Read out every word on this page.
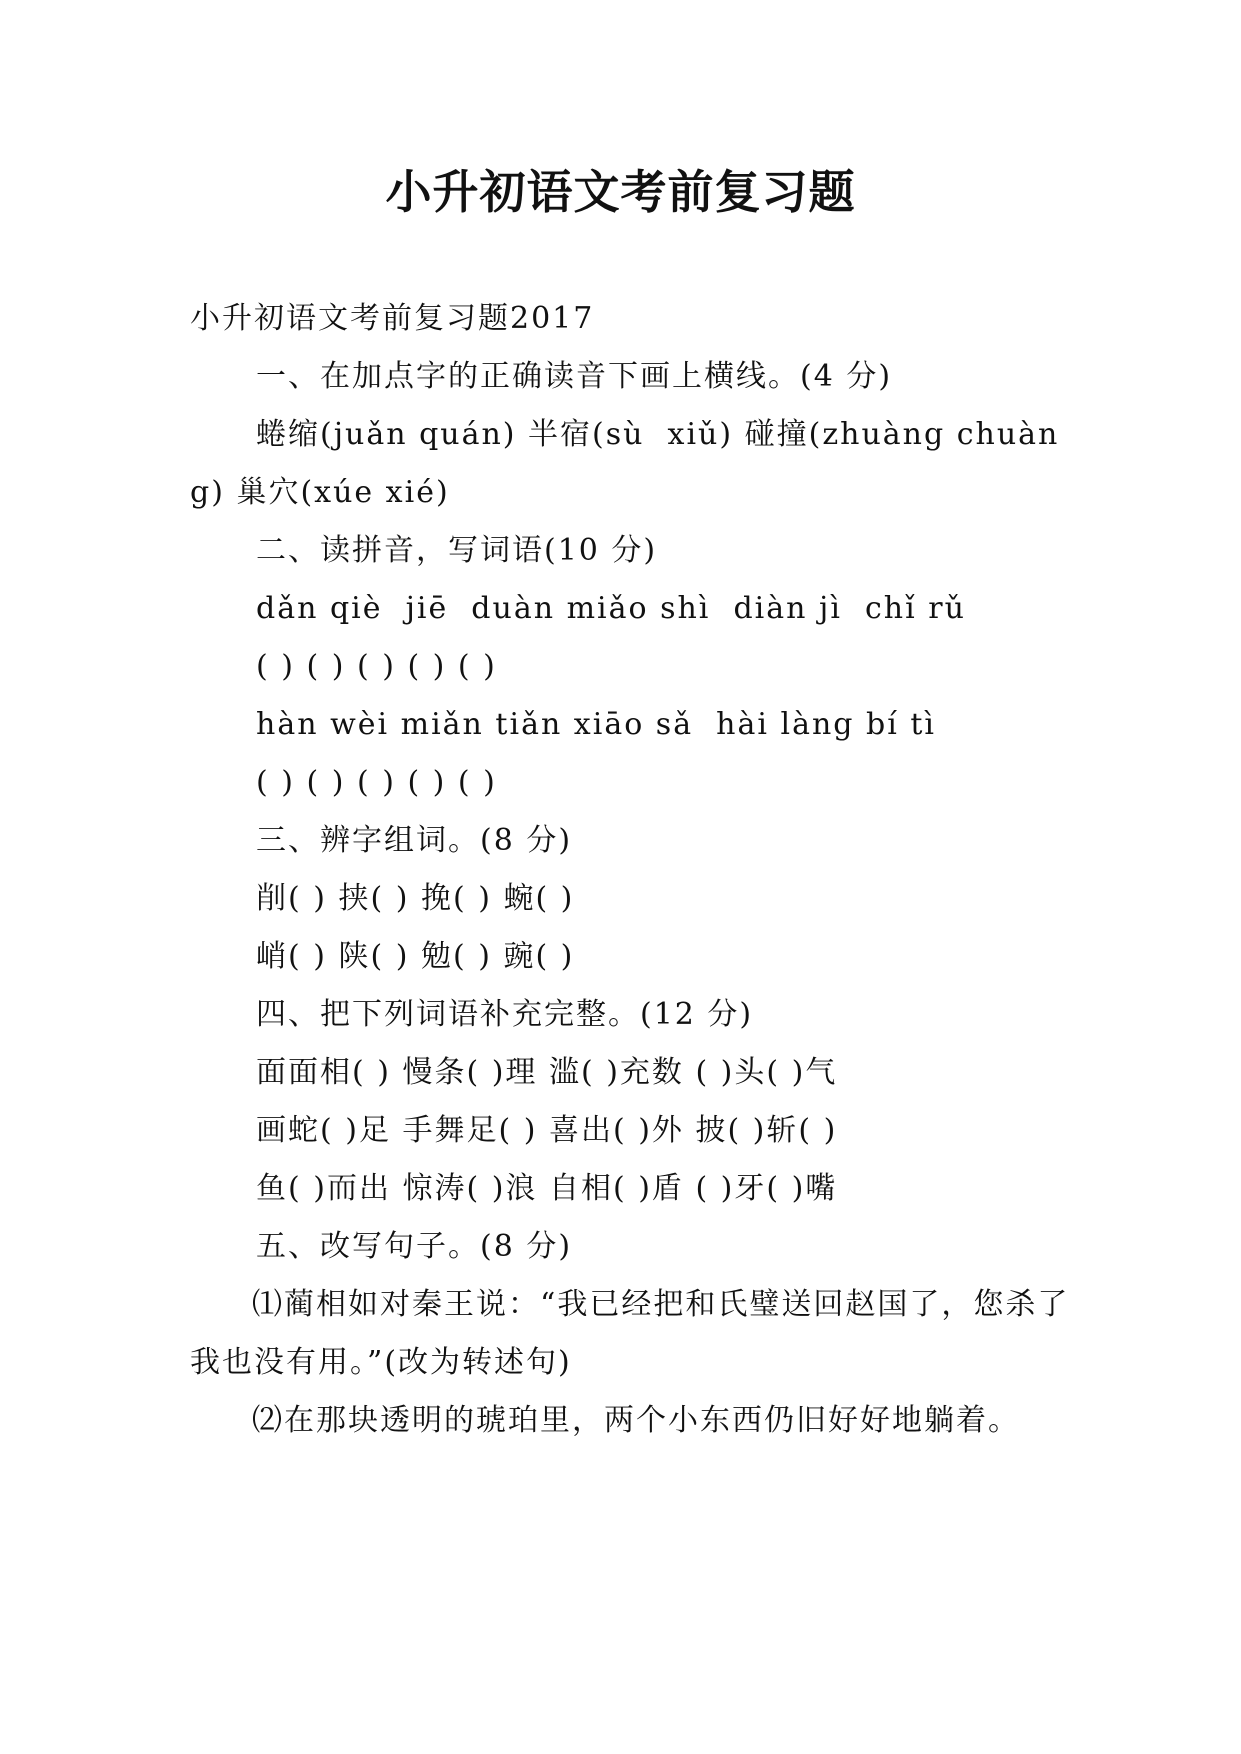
小升初语文考前复习题

小升初语文考前复习题2017

一、在加点字的正确读音下画上横线。(4 分)

蜷缩(juǎn quán) 半宿(sù  xiǔ) 碰撞(zhuàng chuàng) 巢穴(xúe xié)

二、读拼音，写词语(10 分)

dǎn qiè  jiē  duàn miǎo shì  diàn jì  chǐ rǔ

( ) ( ) ( ) ( ) ( )

hàn wèi miǎn tiǎn xiāo sǎ  hài làng bí tì

( ) ( ) ( ) ( ) ( )

三、辨字组词。(8 分)

削( ) 挟( ) 挽( ) 蜿( )

峭( ) 陕( ) 勉( ) 豌( )

四、把下列词语补充完整。(12 分)

面面相( ) 慢条( )理 滥( )充数 ( )头( )气

画蛇( )足 手舞足( ) 喜出( )外 披( )斩( )

鱼( )而出 惊涛( )浪 自相( )盾 ( )牙( )嘴

五、改写句子。(8 分)

⑴蔺相如对秦王说：“我已经把和氏璧送回赵国了，您杀了我也没有用。”(改为转述句)

⑵在那块透明的琥珀里，两个小东西仍旧好好地躺着。
